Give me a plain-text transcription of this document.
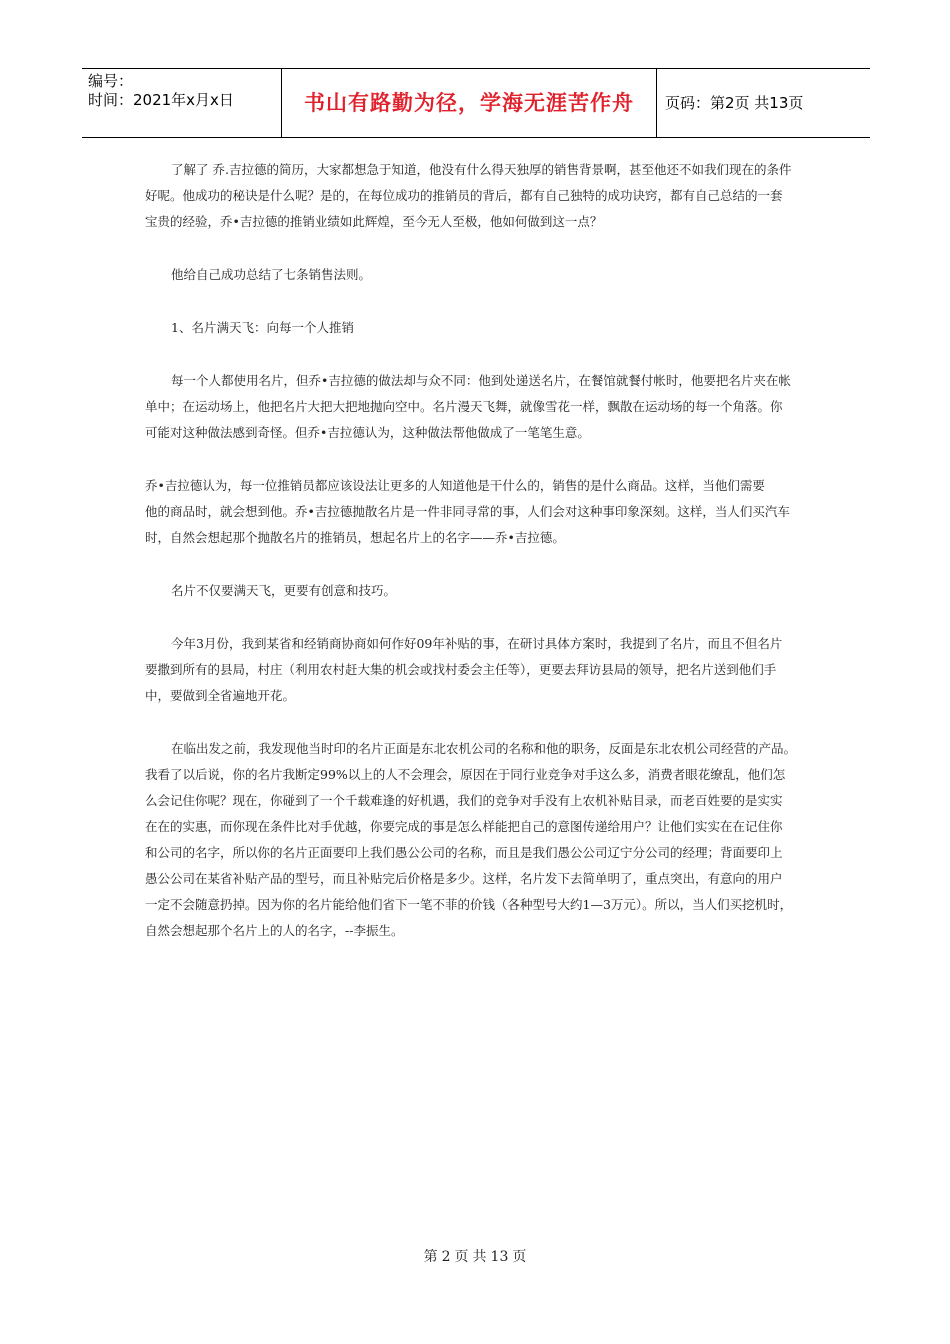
编号：
时间：2021年x月x日	书山有路勤为径，学海无涯苦作舟	页码：第2页 共13页
了解了 乔.吉拉德的简历，大家都想急于知道，他没有什么得天独厚的销售背景啊，甚至他还不如我们现在的条件
好呢。他成功的秘诀是什么呢？是的，在每位成功的推销员的背后，都有自己独特的成功诀窍，都有自己总结的一套
宝贵的经验，乔•吉拉德的推销业绩如此辉煌，至今无人至极，他如何做到这一点？
他给自己成功总结了七条销售法则。
1、名片满天飞：向每一个人推销
每一个人都使用名片，但乔•吉拉德的做法却与众不同：他到处递送名片，在餐馆就餐付帐时，他要把名片夹在帐
单中；在运动场上，他把名片大把大把地抛向空中。名片漫天飞舞，就像雪花一样，飘散在运动场的每一个角落。你
可能对这种做法感到奇怪。但乔•吉拉德认为，这种做法帮他做成了一笔笔生意。
乔•吉拉德认为，每一位推销员都应该设法让更多的人知道他是干什么的，销售的是什么商品。这样，当他们需要
他的商品时，就会想到他。乔•吉拉德抛散名片是一件非同寻常的事，人们会对这种事印象深刻。这样，当人们买汽车
时，自然会想起那个抛散名片的推销员，想起名片上的名字——乔•吉拉德。
名片不仅要满天飞，更要有创意和技巧。
今年3月份，我到某省和经销商协商如何作好09年补贴的事，在研讨具体方案时，我提到了名片，而且不但名片
要撒到所有的县局，村庄（利用农村赶大集的机会或找村委会主任等），更要去拜访县局的领导，把名片送到他们手
中，要做到全省遍地开花。
在临出发之前，我发现他当时印的名片正面是东北农机公司的名称和他的职务，反面是东北农机公司经营的产品。
我看了以后说，你的名片我断定99%以上的人不会理会，原因在于同行业竞争对手这么多，消费者眼花缭乱，他们怎
么会记住你呢？现在，你碰到了一个千载难逢的好机遇，我们的竞争对手没有上农机补贴目录，而老百姓要的是实实
在在的实惠，而你现在条件比对手优越，你要完成的事是怎么样能把自己的意图传递给用户？让他们实实在在记住你
和公司的名字，所以你的名片正面要印上我们愚公公司的名称，而且是我们愚公公司辽宁分公司的经理；背面要印上
愚公公司在某省补贴产品的型号，而且补贴完后价格是多少。这样，名片发下去简单明了，重点突出，有意向的用户
一定不会随意扔掉。因为你的名片能给他们省下一笔不菲的价钱（各种型号大约1—3万元）。所以，当人们买挖机时，
自然会想起那个名片上的人的名字，--李振生。
第 2 页 共 13 页
